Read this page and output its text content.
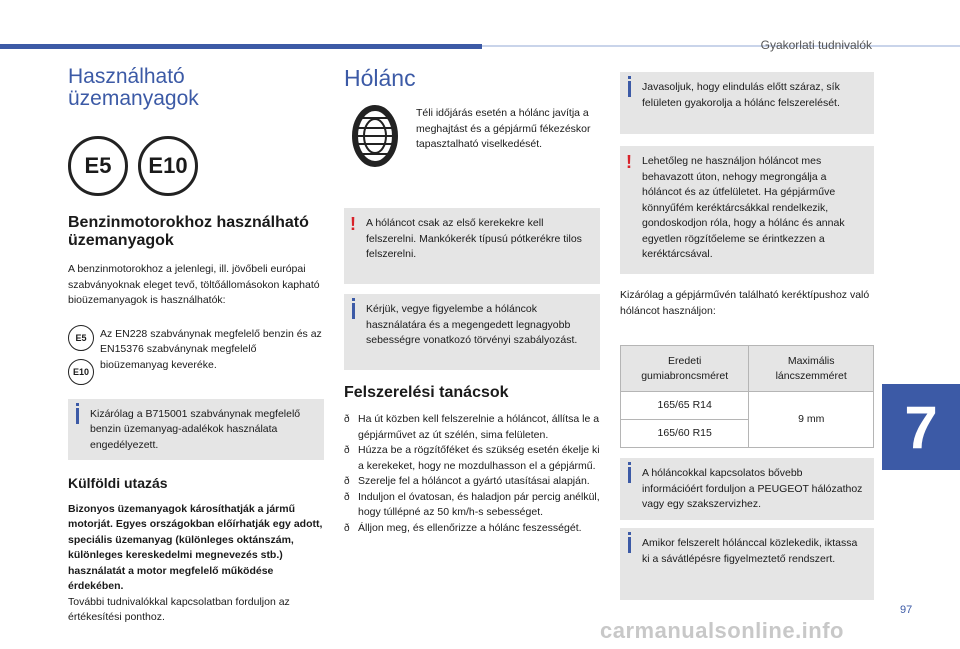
Gyakorlati tudnivalók
Használható üzemanyagok
E5	E10
Benzinmotorokhoz használható üzemanyagok

A benzinmotorokhoz a jelenlegi, ill. jövőbeli európai szabványoknak eleget tevő, töltőállomásokon kapható bioüzemanyagok is használhatók:

E5
E10

Az EN228 szabványnak megfelelő benzin és az EN15376 szabványnak megfelelő bioüzemanyag keveréke.

Kizárólag a B715001 szabványnak megfelelő benzin üzemanyag-adalékok használata engedélyezett.
Külföldi utazás

Bizonyos üzemanyagok károsíthatják a jármű motorját. Egyes országokban előírhatják egy adott, speciális üzemanyag (különleges oktánszám, különleges kereskedelmi megnevezés stb.) használatát a motor megfelelő működése érdekében.

További tudnivalókkal kapcsolatban forduljon az értékesítési ponthoz.

Hólánc

Téli időjárás esetén a hólánc javítja a meghajtást és a gépjármű fékezéskor tapasztalható viselkedését.

! A hóláncot csak az első kerekekre kell felszerelni. Mankókerék típusú pótkerékre tilos felszerelni.
Kérjük, vegye figyelembe a hóláncok használatára és a megengedett legnagyobb sebességre vonatkozó törvényi szabályozást.
Felszerelési tanácsok
ð Ha út közben kell felszerelnie a hóláncot, állítsa le a gépjárművet az út szélén, sima felületen.
ð Húzza be a rögzítőféket és szükség esetén ékelje ki a kerekeket, hogy ne mozdulhasson el a gépjármű.
ð Szerelje fel a hóláncot a gyártó utasításai alapján.
ð Induljon el óvatosan, és haladjon pár percig anélkül, hogy túllépné az 50 km/h-s sebességet.
ð Álljon meg, és ellenőrizze a hólánc feszességét.
Javasoljuk, hogy elindulás előtt száraz, sík felületen gyakorolja a hólánc felszerelését.
! Lehetőleg ne használjon hóláncot mes behavazott úton, nehogy megrongálja a hóláncot és az útfelületet. Ha gépjárműve könnyűfém keréktárcsákkal rendelkezik, gondoskodjon róla, hogy a hólánc és annak egyetlen rögzítőeleme se érintkezzen a keréktárcsával.

Kizárólag a gépjárművén található keréktípushoz való hóláncot használjon:

Eredeti gumiabroncsméret	Maximális láncszemméret
165/65 R14	9 mm
165/60 R15	
A hóláncokkal kapcsolatos bővebb információért forduljon a PEUGEOT hálózathoz vagy egy szakszervizhez.
Amikor felszerelt hólánccal közlekedik, iktassa ki a sávátlépésre figyelmeztető rendszert.
7
97
carmanualsonline.info
